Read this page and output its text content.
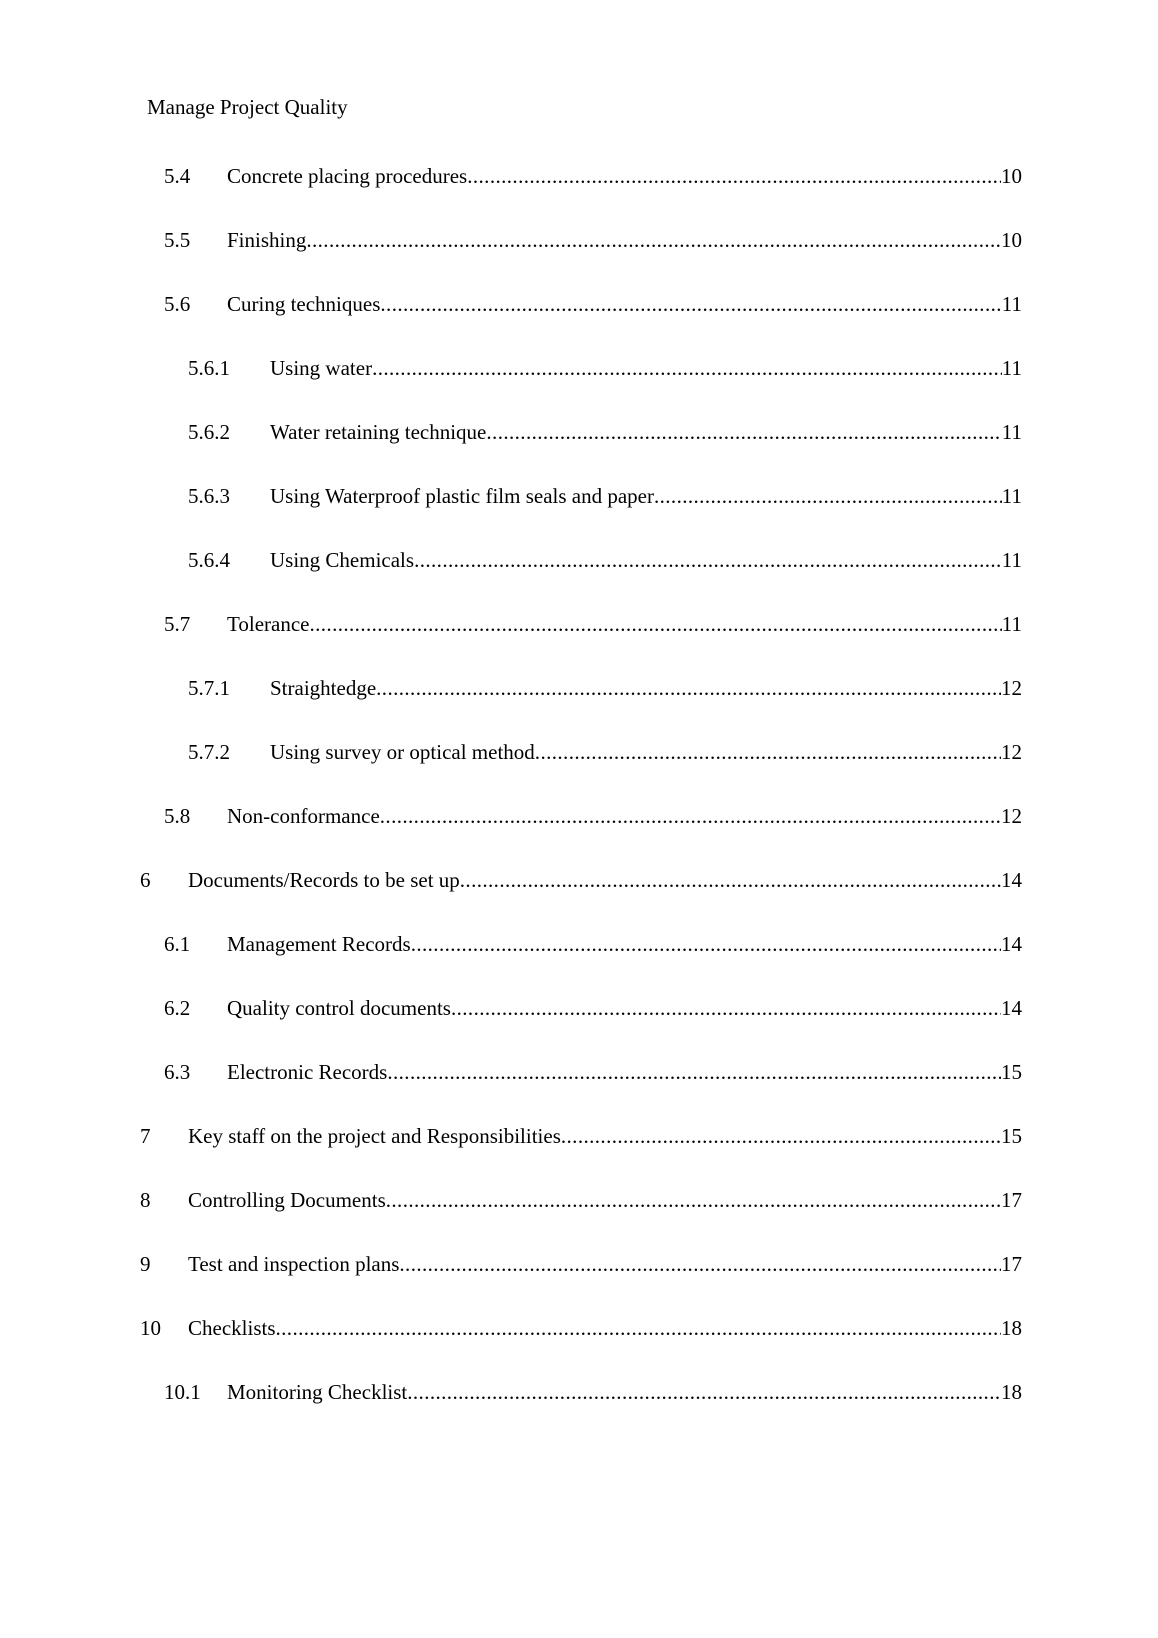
Manage Project Quality
5.4	Concrete placing procedures .....	10
5.5	Finishing .....	10
5.6	Curing techniques .....	11
5.6.1	Using water .....	11
5.6.2	Water retaining technique .....	11
5.6.3	Using Waterproof plastic film seals and paper .....	11
5.6.4	Using Chemicals .....	11
5.7	Tolerance .....	11
5.7.1	Straightedge .....	12
5.7.2	Using survey or optical method .....	12
5.8	Non-conformance .....	12
6	Documents/Records to be set up .....	14
6.1	Management Records .....	14
6.2	Quality control documents .....	14
6.3	Electronic Records .....	15
7	Key staff on the project and Responsibilities .....	15
8	Controlling Documents .....	17
9	Test and inspection plans .....	17
10	Checklists .....	18
10.1	Monitoring Checklist .....	18
